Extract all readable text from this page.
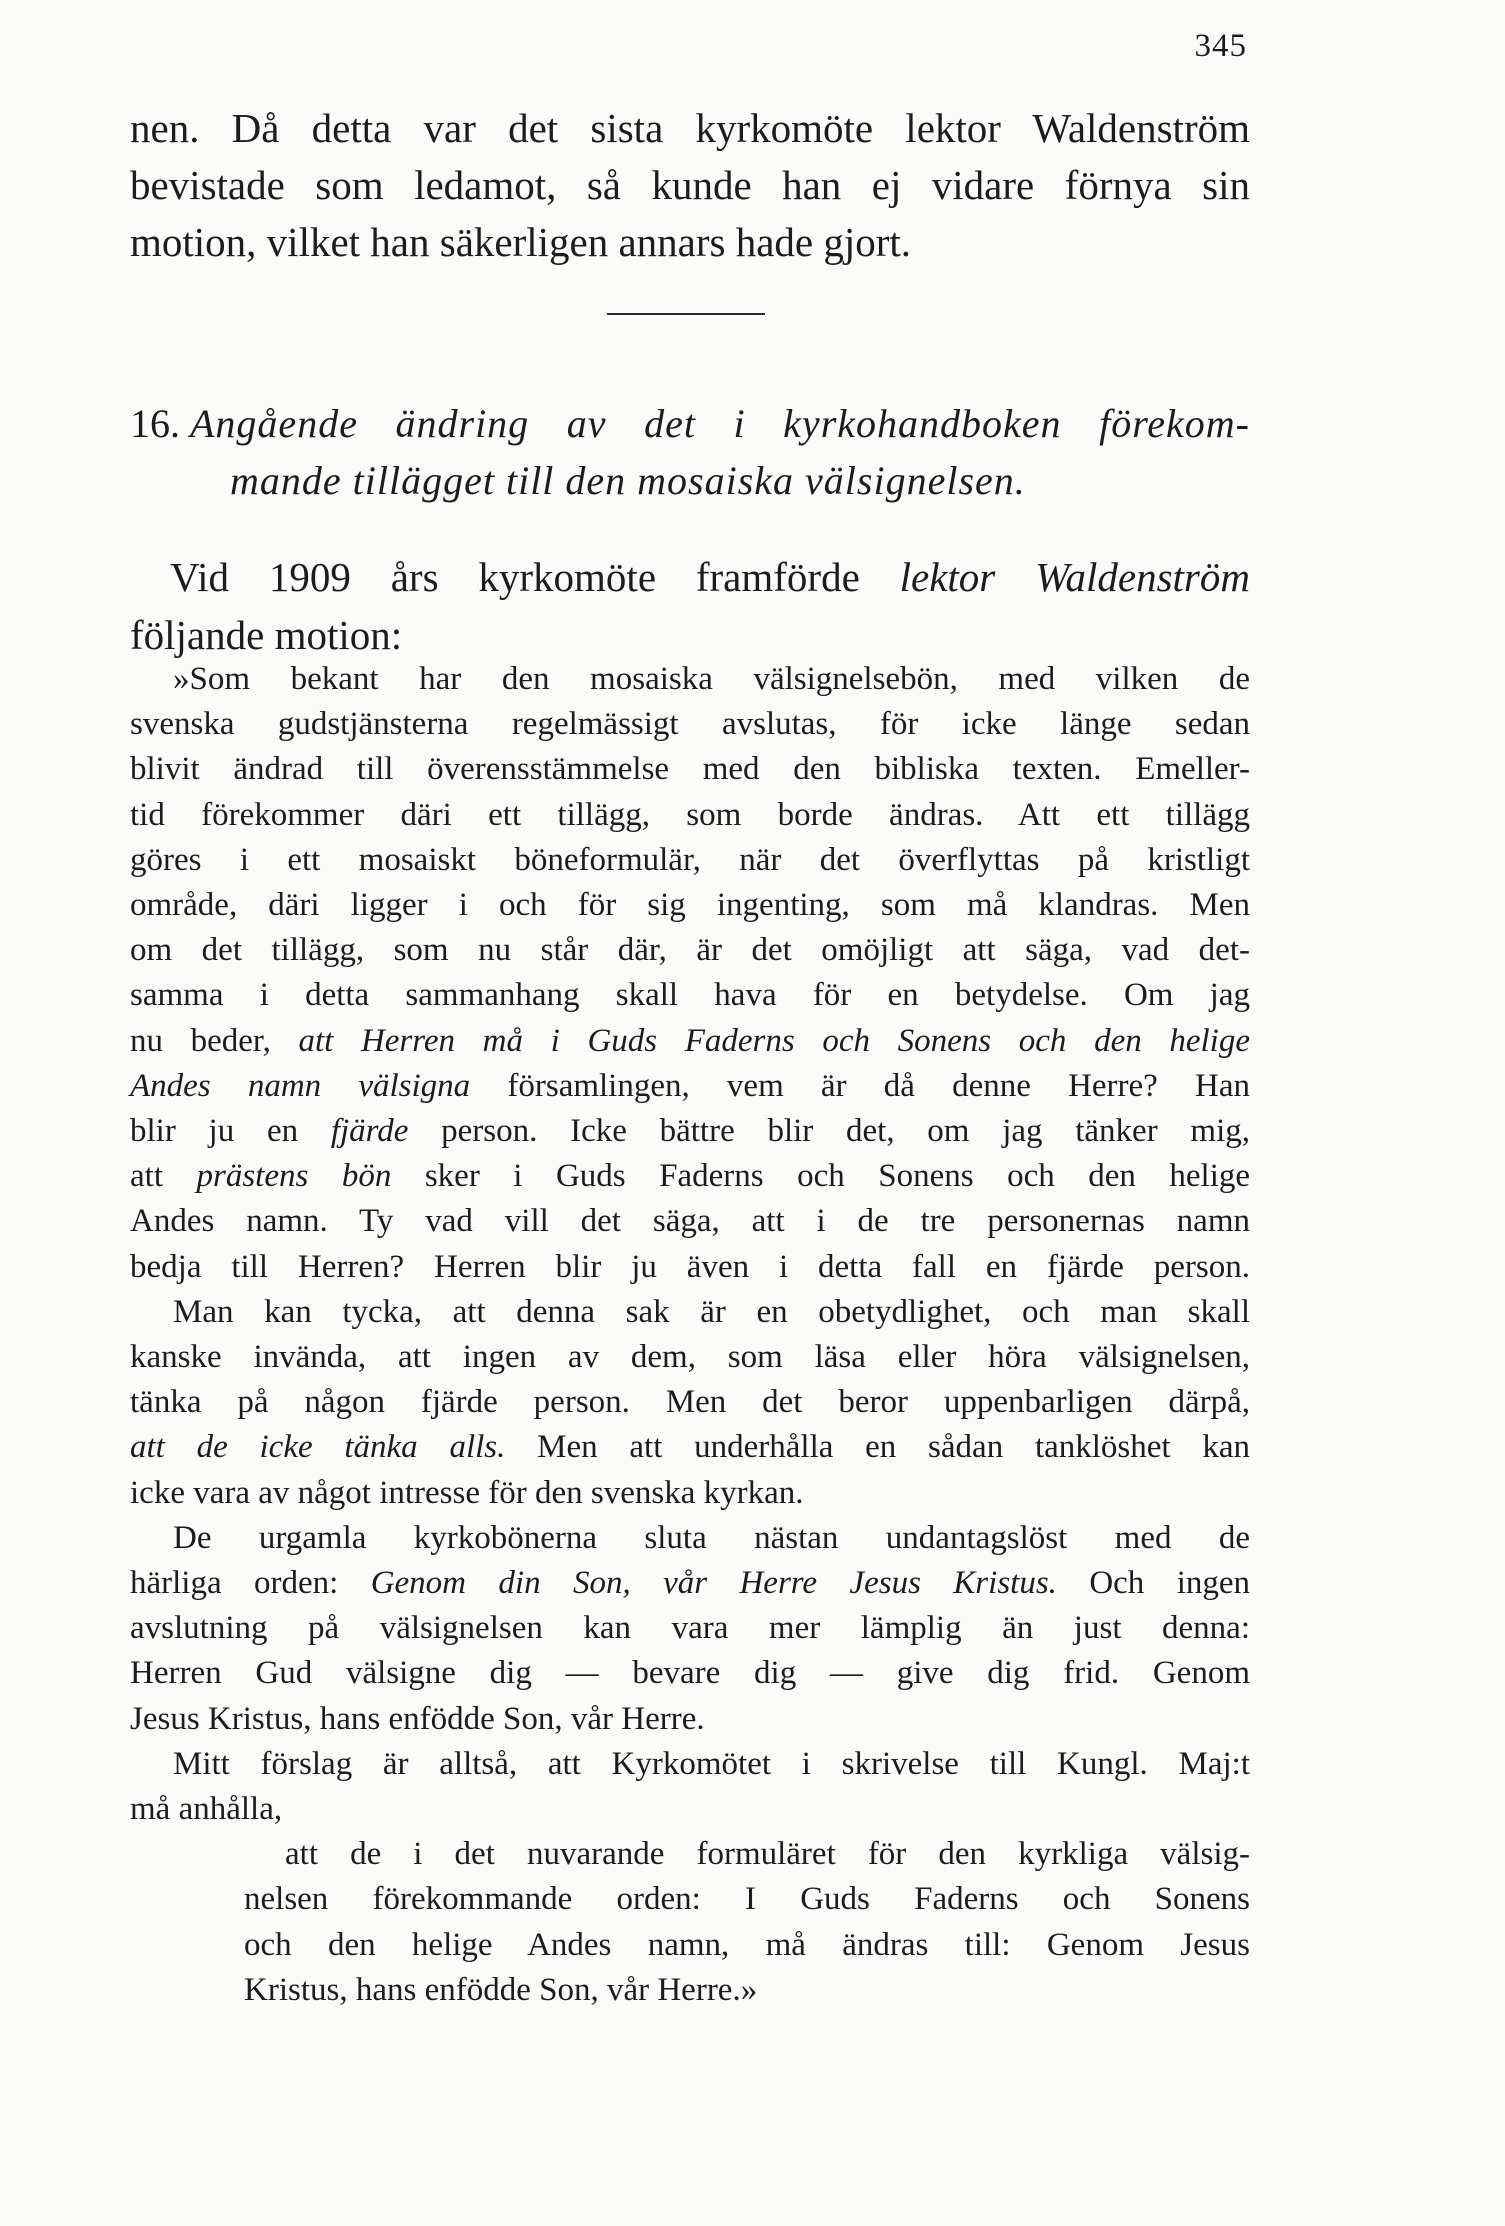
345
nen. Då detta var det sista kyrkomöte lektor Waldenström
bevistade som ledamot, så kunde han ej vidare förnya sin
motion, vilket han säkerligen annars hade gjort.
16. Angående ändring av det i kyrkohandboken förekom-
mande tillägget till den mosaiska välsignelsen.
Vid 1909 års kyrkomöte framförde lektor Waldenström
följande motion:
»Som bekant har den mosaiska välsignelsebön, med vilken de
svenska gudstjänsterna regelmässigt avslutas, för icke länge sedan
blivit ändrad till överensstämmelse med den bibliska texten. Emeller-
tid förekommer däri ett tillägg, som borde ändras. Att ett tillägg
göres i ett mosaiskt böneformulär, när det överflyttas på kristligt
område, däri ligger i och för sig ingenting, som må klandras. Men
om det tillägg, som nu står där, är det omöjligt att säga, vad det-
samma i detta sammanhang skall hava för en betydelse. Om jag
nu beder, att Herren må i Guds Faderns och Sonens och den helige
Andes namn välsigna församlingen, vem är då denne Herre? Han
blir ju en fjärde person. Icke bättre blir det, om jag tänker mig,
att prästens bön sker i Guds Faderns och Sonens och den helige
Andes namn. Ty vad vill det säga, att i de tre personernas namn
bedja till Herren? Herren blir ju även i detta fall en fjärde person.
Man kan tycka, att denna sak är en obetydlighet, och man skall
kanske invända, att ingen av dem, som läsa eller höra välsignelsen,
tänka på någon fjärde person. Men det beror uppenbarligen därpå,
att de icke tänka alls. Men att underhålla en sådan tanklöshet kan
icke vara av något intresse för den svenska kyrkan.
De urgamla kyrkobönerna sluta nästan undantagslöst med de
härliga orden: Genom din Son, vår Herre Jesus Kristus. Och ingen
avslutning på välsignelsen kan vara mer lämplig än just denna:
Herren Gud välsigne dig — bevare dig — give dig frid. Genom
Jesus Kristus, hans enfödde Son, vår Herre.
Mitt förslag är alltså, att Kyrkomötet i skrivelse till Kungl. Maj:t
må anhålla,
att de i det nuvarande formuläret för den kyrkliga välsig-
nelsen förekommande orden: I Guds Faderns och Sonens
och den helige Andes namn, må ändras till: Genom Jesus
Kristus, hans enfödde Son, vår Herre.»
